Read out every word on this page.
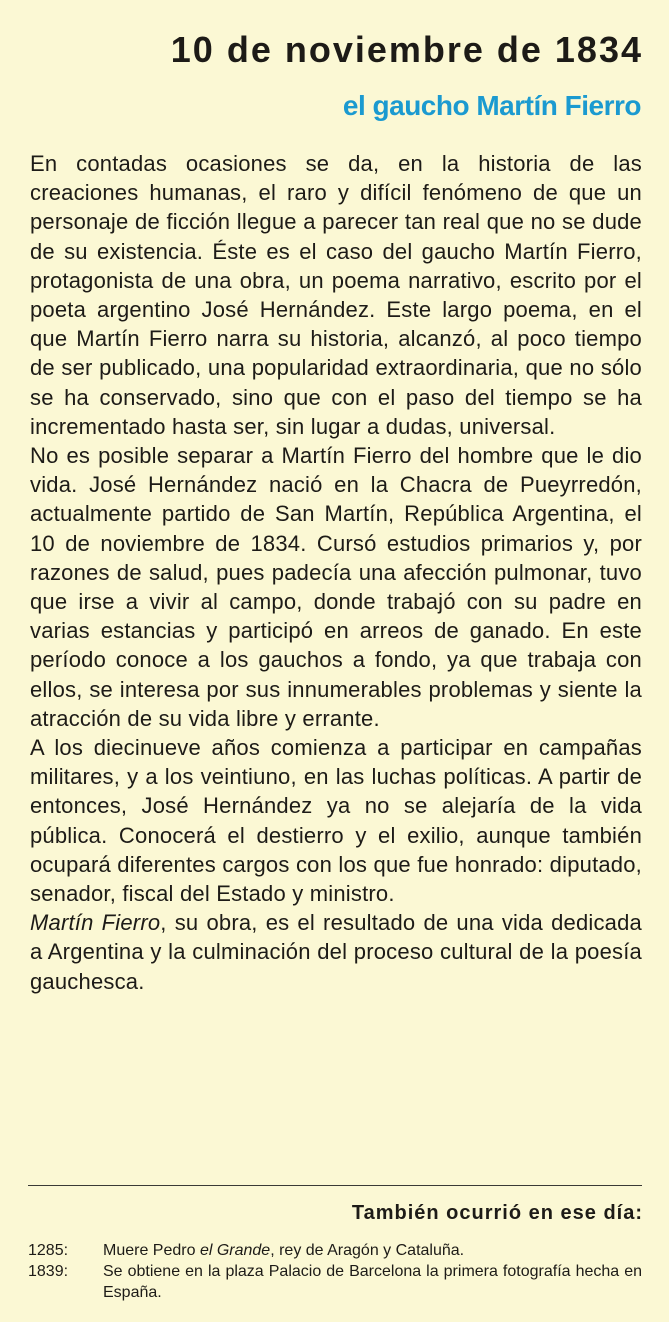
10 de noviembre de 1834
el gaucho Martín Fierro

En contadas ocasiones se da, en la historia de las creaciones humanas, el raro y difícil fenómeno de que un personaje de ficción llegue a parecer tan real que no se dude de su existencia. Éste es el caso del gaucho Martín Fierro, protagonista de una obra, un poema narrativo, escrito por el poeta argentino José Hernández. Este largo poema, en el que Martín Fierro narra su historia, alcanzó, al poco tiempo de ser publicado, una popularidad extraordinaria, que no sólo se ha conservado, sino que con el paso del tiempo se ha incrementado hasta ser, sin lugar a dudas, universal.

No es posible separar a Martín Fierro del hombre que le dio vida. José Hernández nació en la Chacra de Pueyrredón, actualmente partido de San Martín, República Argentina, el 10 de noviembre de 1834. Cursó estudios primarios y, por razones de salud, pues padecía una afección pulmonar, tuvo que irse a vivir al campo, donde trabajó con su padre en varias estancias y participó en arreos de ganado. En este período conoce a los gauchos a fondo, ya que trabaja con ellos, se interesa por sus innumerables problemas y siente la atracción de su vida libre y errante.

A los diecinueve años comienza a participar en campañas militares, y a los veintiuno, en las luchas políticas. A partir de entonces, José Hernández ya no se alejaría de la vida pública. Conocerá el destierro y el exilio, aunque también ocupará diferentes cargos con los que fue honrado: diputado, senador, fiscal del Estado y ministro.

Martín Fierro, su obra, es el resultado de una vida dedicada a Argentina y la culminación del proceso cultural de la poesía gauchesca.

También ocurrió en ese día:
1285:	Muere Pedro el Grande, rey de Aragón y Cataluña.
1839:	Se obtiene en la plaza Palacio de Barcelona la primera fotografía hecha en España.
